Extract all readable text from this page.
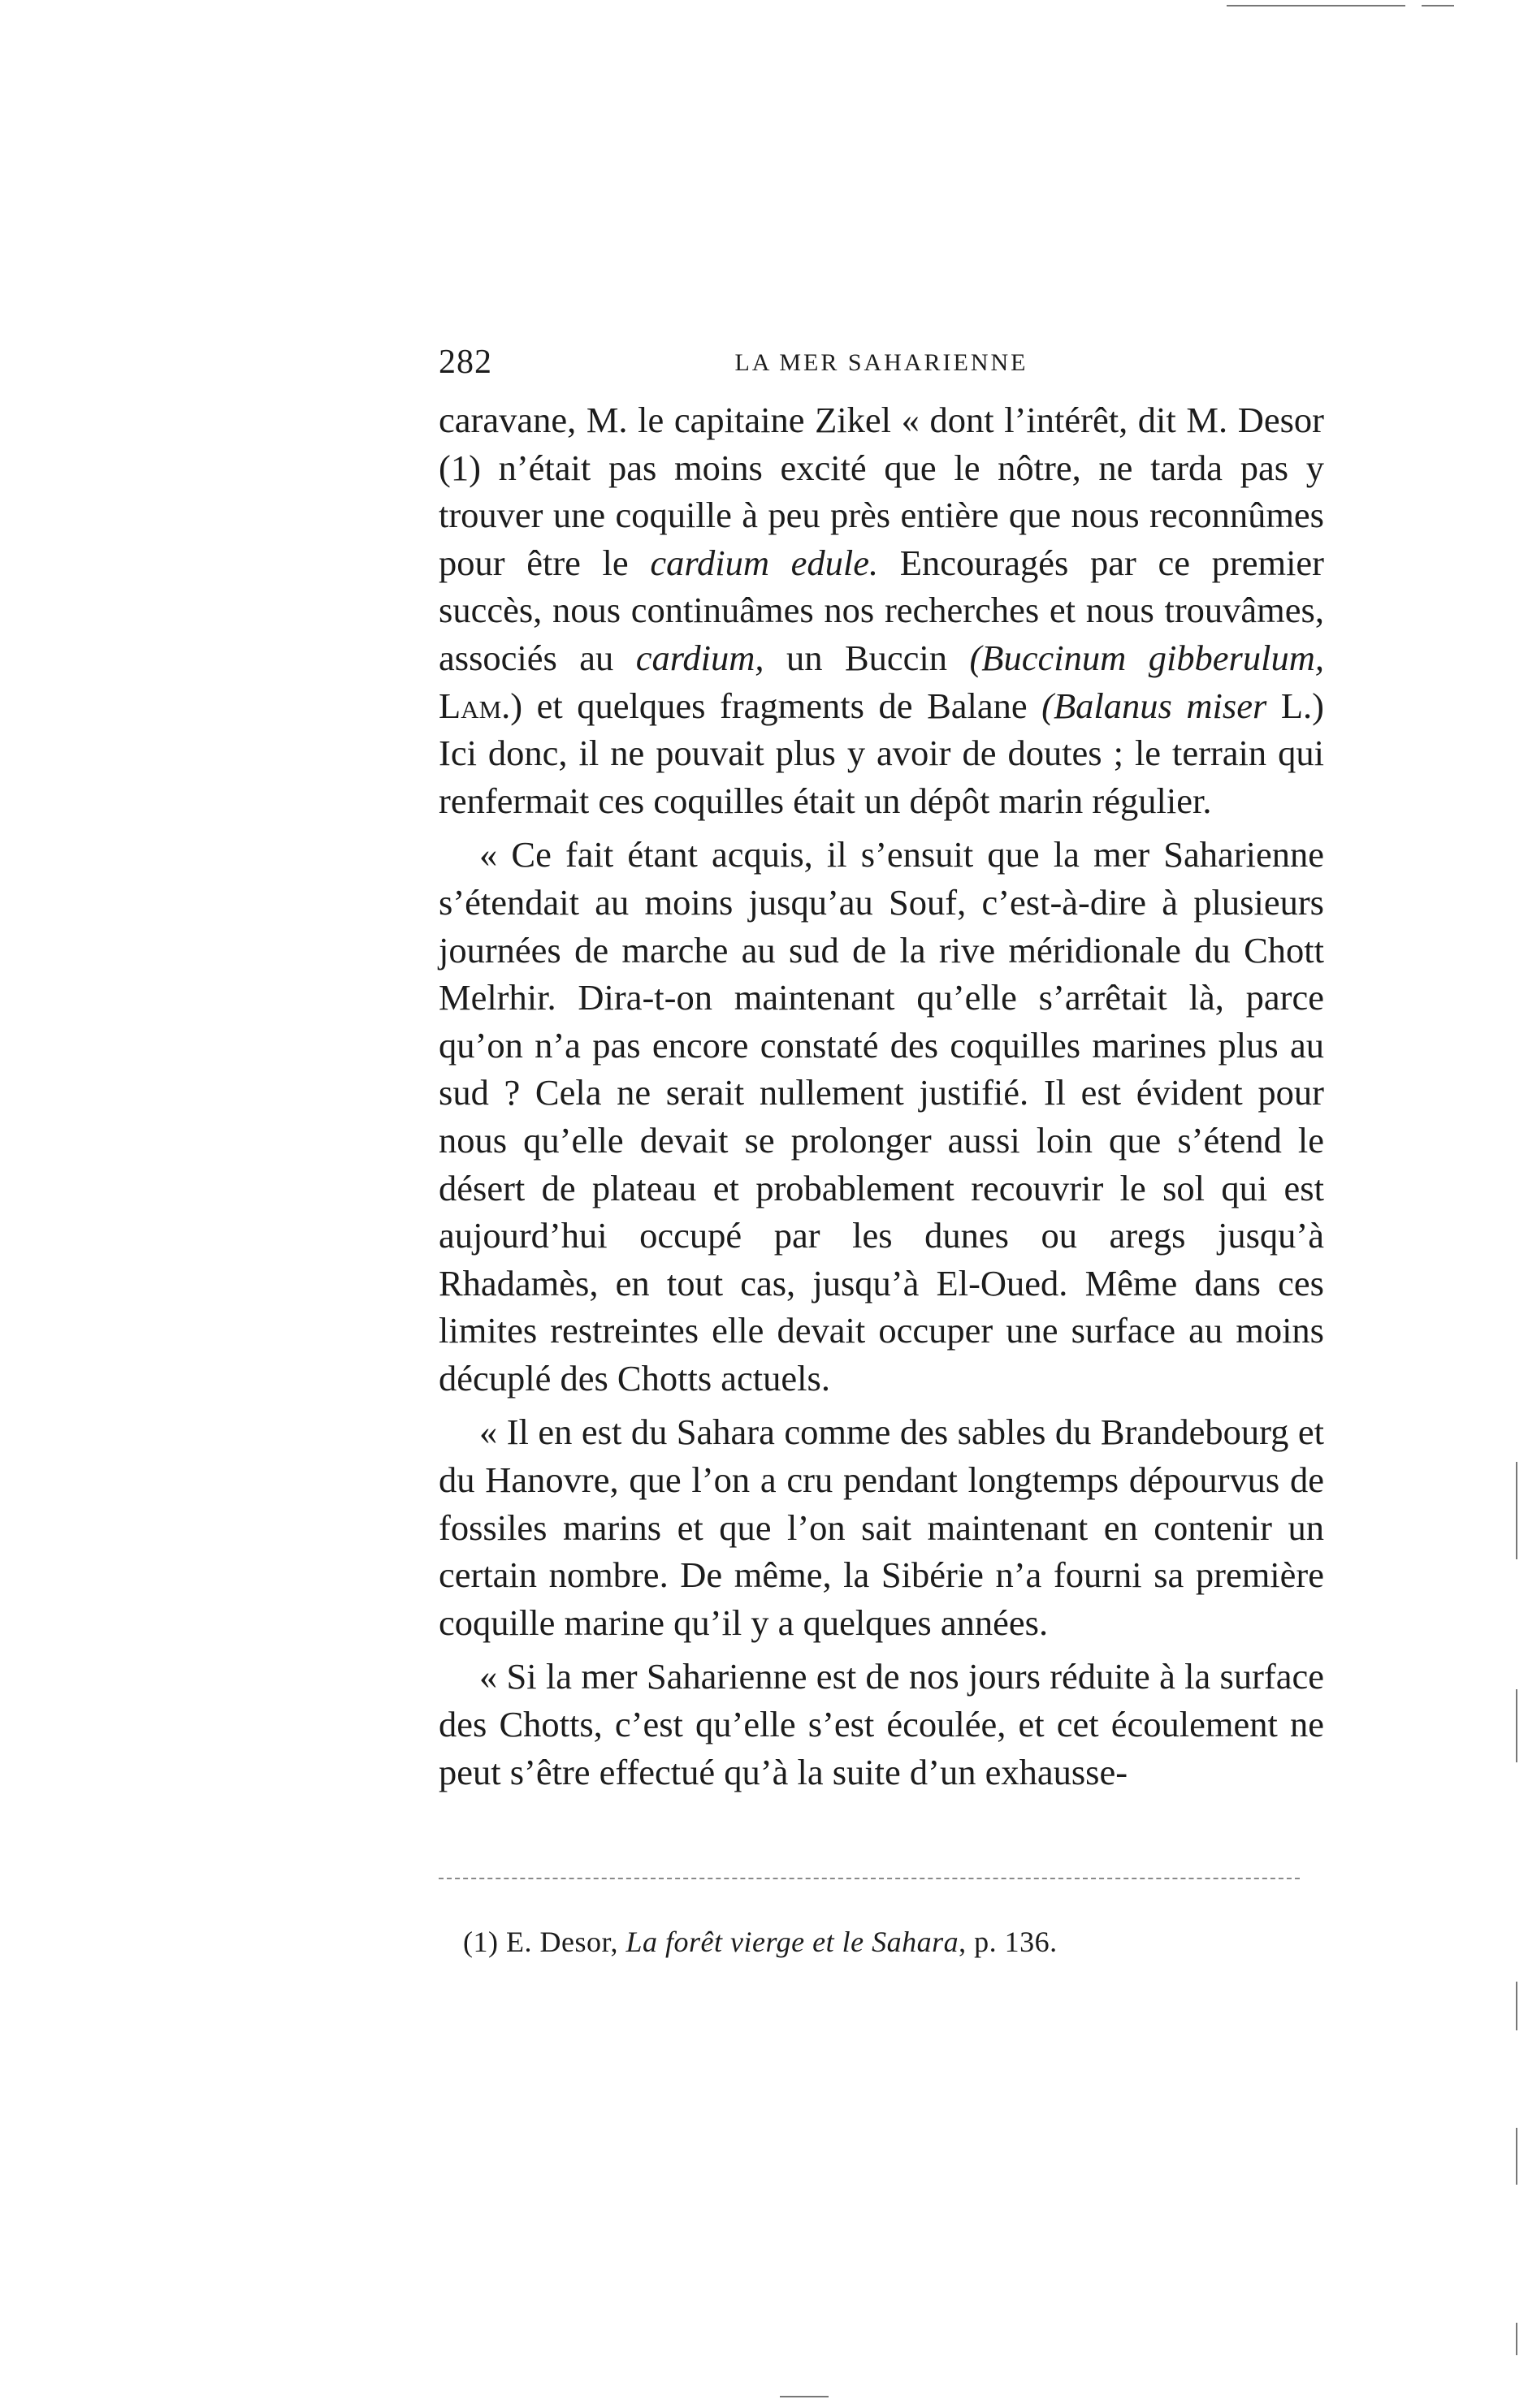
282	LA MER SAHARIENNE

caravane, M. le capitaine Zikel « dont l’intérêt, dit M. Desor (1) n’était pas moins excité que le nôtre, ne tarda pas y trouver une coquille à peu près entière que nous reconnûmes pour être le cardium edule. Encouragés par ce premier succès, nous continuâmes nos recherches et nous trouvâmes, associés au cardium, un Buccin (Buccinum gibberulum, Lam.) et quelques fragments de Balane (Balanus miser L.) Ici donc, il ne pouvait plus y avoir de doutes ; le terrain qui renfermait ces coquilles était un dépôt marin régulier.

« Ce fait étant acquis, il s’ensuit que la mer Saharienne s’étendait au moins jusqu’au Souf, c’est-à-dire à plusieurs journées de marche au sud de la rive méridionale du Chott Melrhir. Dira-t-on maintenant qu’elle s’arrêtait là, parce qu’on n’a pas encore constaté des coquilles marines plus au sud ? Cela ne serait nullement justifié. Il est évident pour nous qu’elle devait se prolonger aussi loin que s’étend le désert de plateau et probablement recouvrir le sol qui est aujourd’hui occupé par les dunes ou aregs jusqu’à Rhadamès, en tout cas, jusqu’à El-Oued. Même dans ces limites restreintes elle devait occuper une surface au moins décuplé des Chotts actuels.

« Il en est du Sahara comme des sables du Brandebourg et du Hanovre, que l’on a cru pendant longtemps dépourvus de fossiles marins et que l’on sait maintenant en contenir un certain nombre. De même, la Sibérie n’a fourni sa première coquille marine qu’il y a quelques années.

« Si la mer Saharienne est de nos jours réduite à la surface des Chotts, c’est qu’elle s’est écoulée, et cet écoulement ne peut s’être effectué qu’à la suite d’un exhausse-

(1) E. Desor, La forêt vierge et le Sahara, p. 136.
